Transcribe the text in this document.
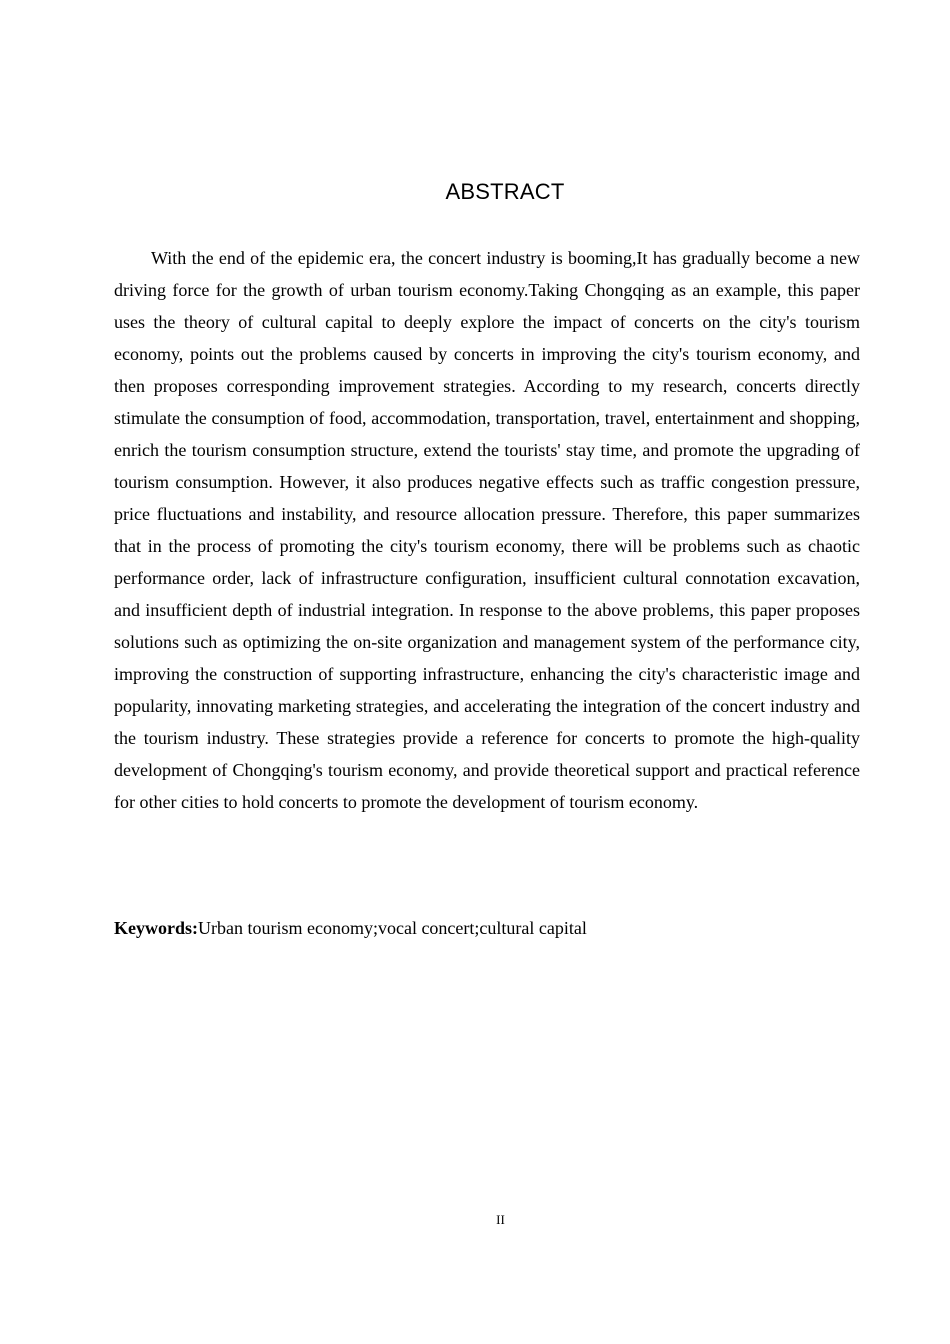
ABSTRACT

With the end of the epidemic era, the concert industry is booming,It has gradually become a new driving force for the growth of urban tourism economy.Taking Chongqing as an example, this paper uses the theory of cultural capital to deeply explore the impact of concerts on the city's tourism economy, points out the problems caused by concerts in improving the city's tourism economy, and then proposes corresponding improvement strategies. According to my research, concerts directly stimulate the consumption of food, accommodation, transportation, travel, entertainment and shopping, enrich the tourism consumption structure, extend the tourists' stay time, and promote the upgrading of tourism consumption. However, it also produces negative effects such as traffic congestion pressure, price fluctuations and instability, and resource allocation pressure. Therefore, this paper summarizes that in the process of promoting the city's tourism economy, there will be problems such as chaotic performance order, lack of infrastructure configuration, insufficient cultural connotation excavation, and insufficient depth of industrial integration. In response to the above problems, this paper proposes solutions such as optimizing the on-site organization and management system of the performance city, improving the construction of supporting infrastructure, enhancing the city's characteristic image and popularity, innovating marketing strategies, and accelerating the integration of the concert industry and the tourism industry. These strategies provide a reference for concerts to promote the high-quality development of Chongqing's tourism economy, and provide theoretical support and practical reference for other cities to hold concerts to promote the development of tourism economy.

Keywords:Urban tourism economy;vocal concert;cultural capital

II
